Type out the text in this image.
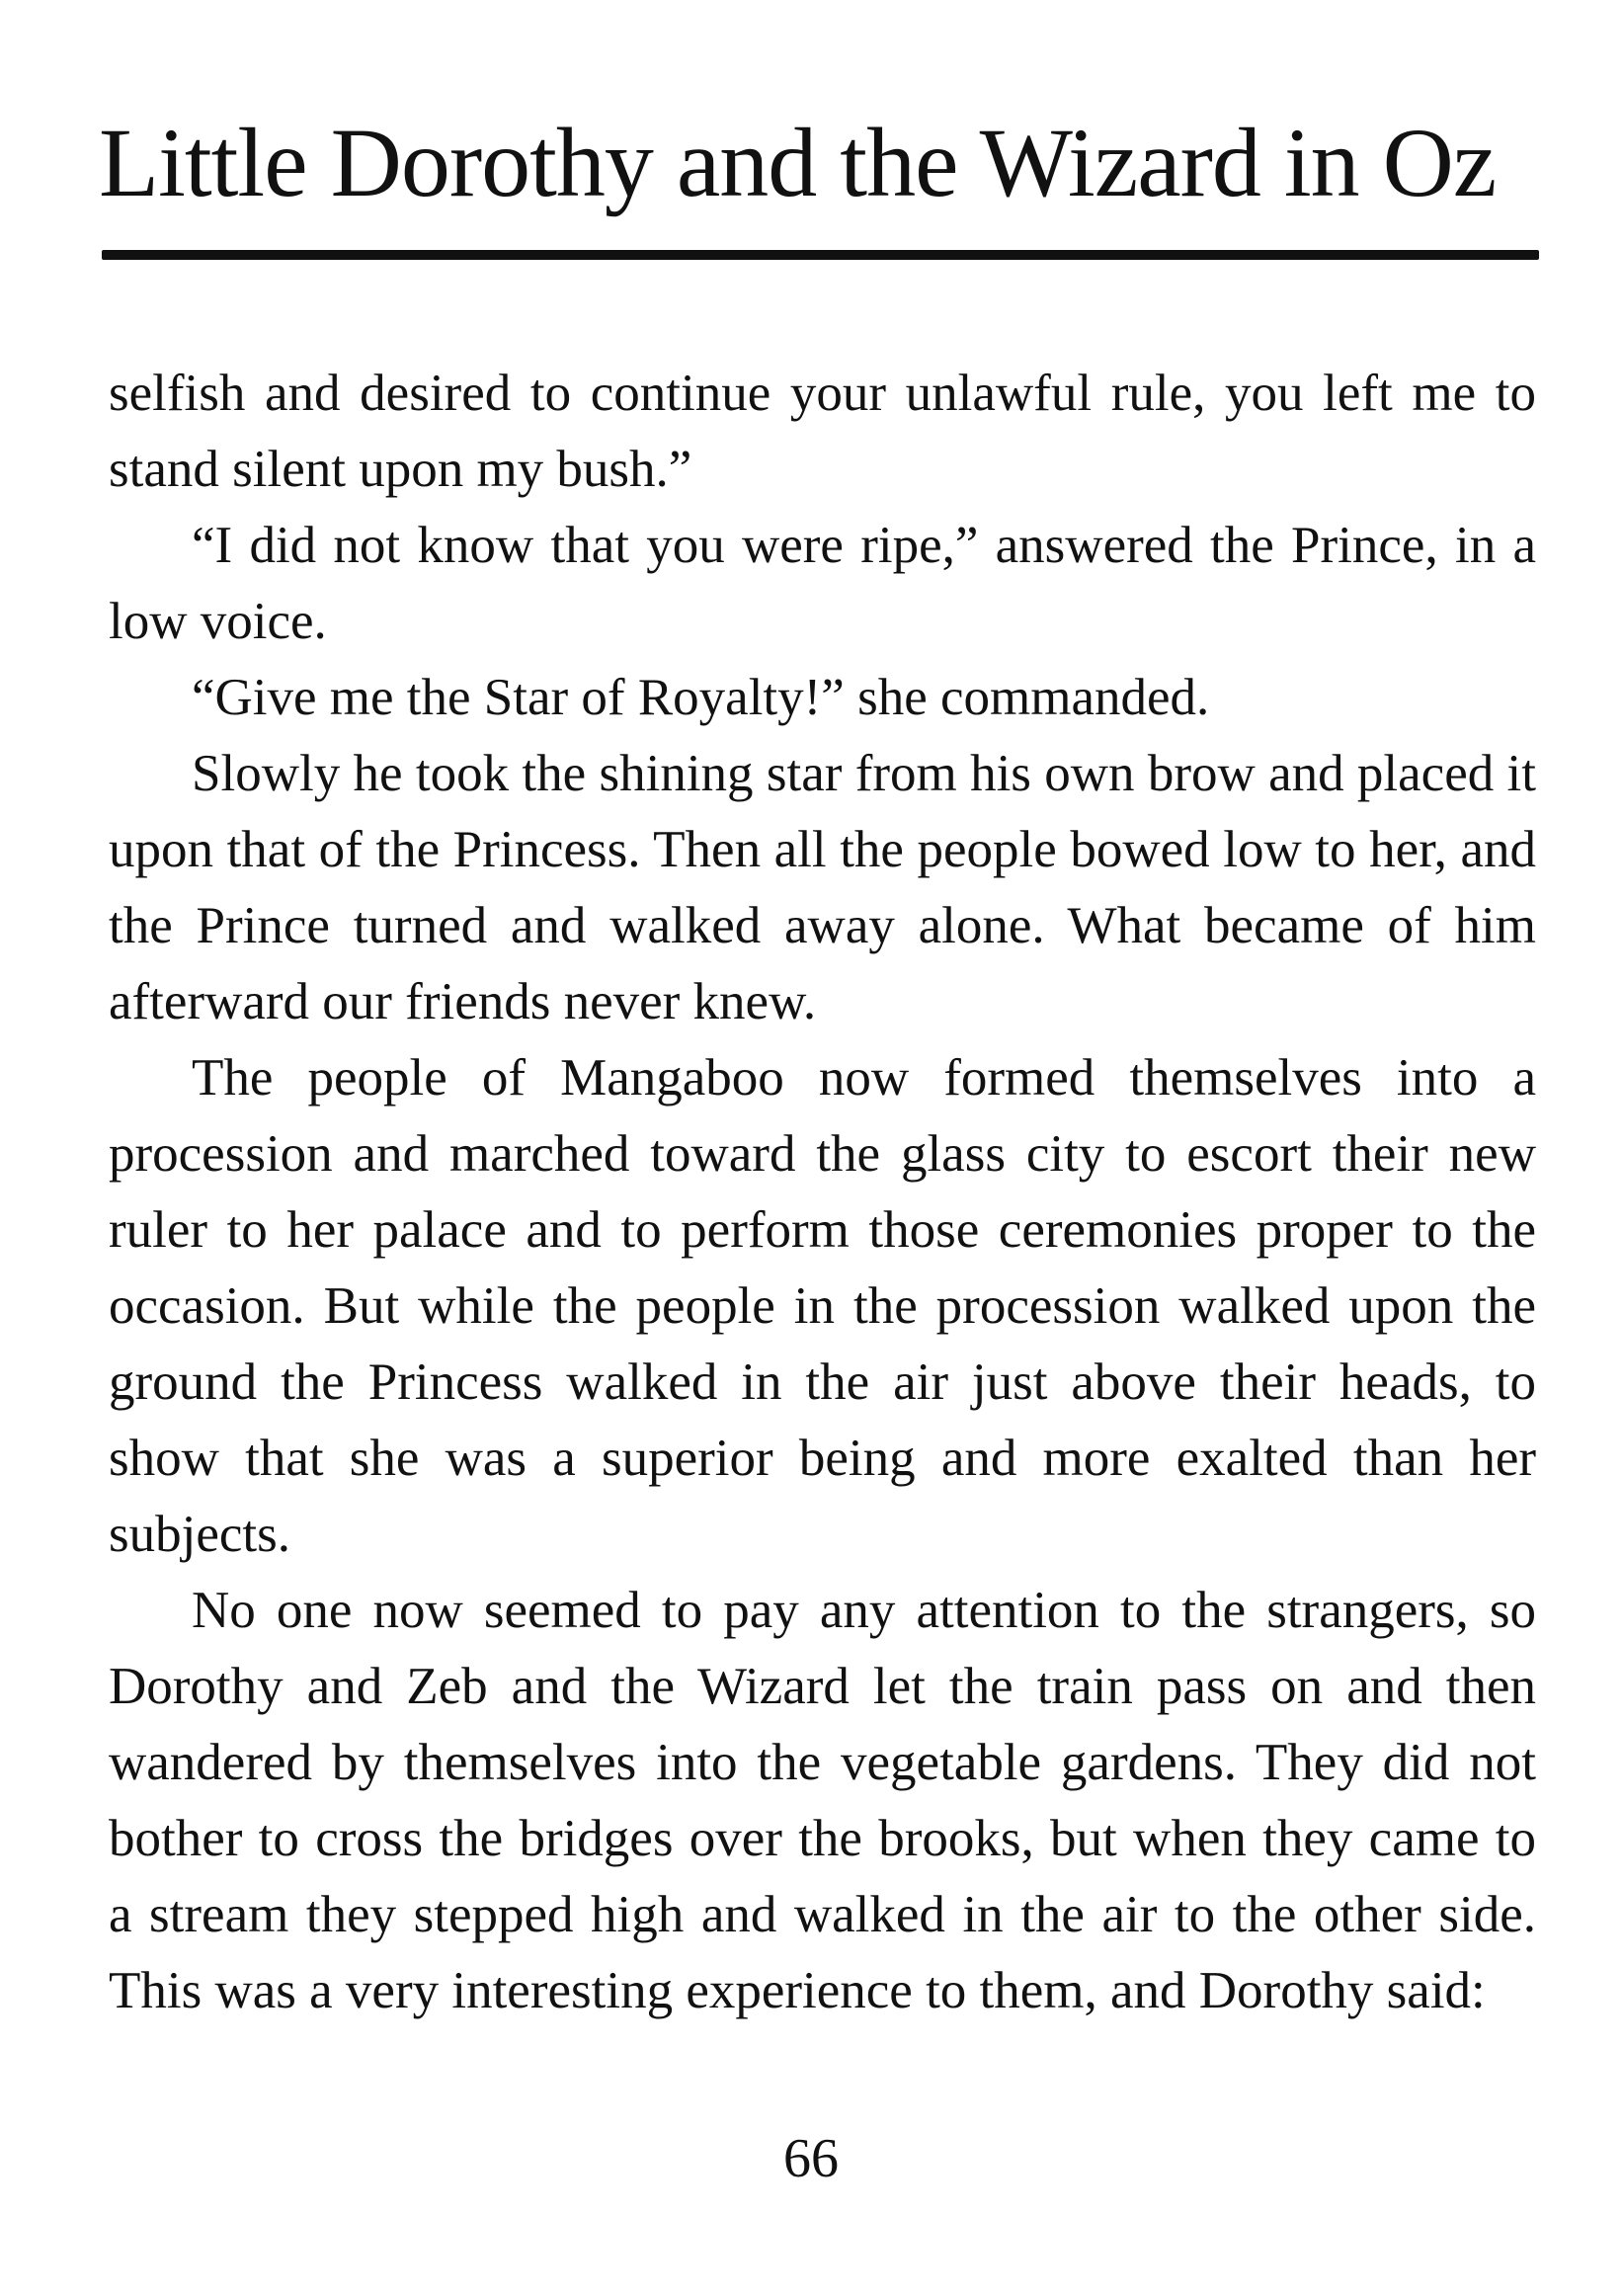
Little Dorothy and the Wizard in Oz

selfish and desired to continue your unlawful rule, you left me to stand silent upon my bush.”

“I did not know that you were ripe,” answered the Prince, in a low voice.

“Give me the Star of Royalty!” she commanded.

Slowly he took the shining star from his own brow and placed it upon that of the Princess. Then all the people bowed low to her, and the Prince turned and walked away alone. What became of him afterward our friends never knew.

The people of Mangaboo now formed themselves into a procession and marched toward the glass city to escort their new ruler to her palace and to perform those ceremonies proper to the occasion. But while the people in the procession walked upon the ground the Princess walked in the air just above their heads, to show that she was a superior being and more exalted than her subjects.

No one now seemed to pay any attention to the strangers, so Dorothy and Zeb and the Wizard let the train pass on and then wandered by themselves into the vegetable gardens. They did not bother to cross the bridges over the brooks, but when they came to a stream they stepped high and walked in the air to the other side. This was a very interesting experience to them, and Dorothy said:

66
